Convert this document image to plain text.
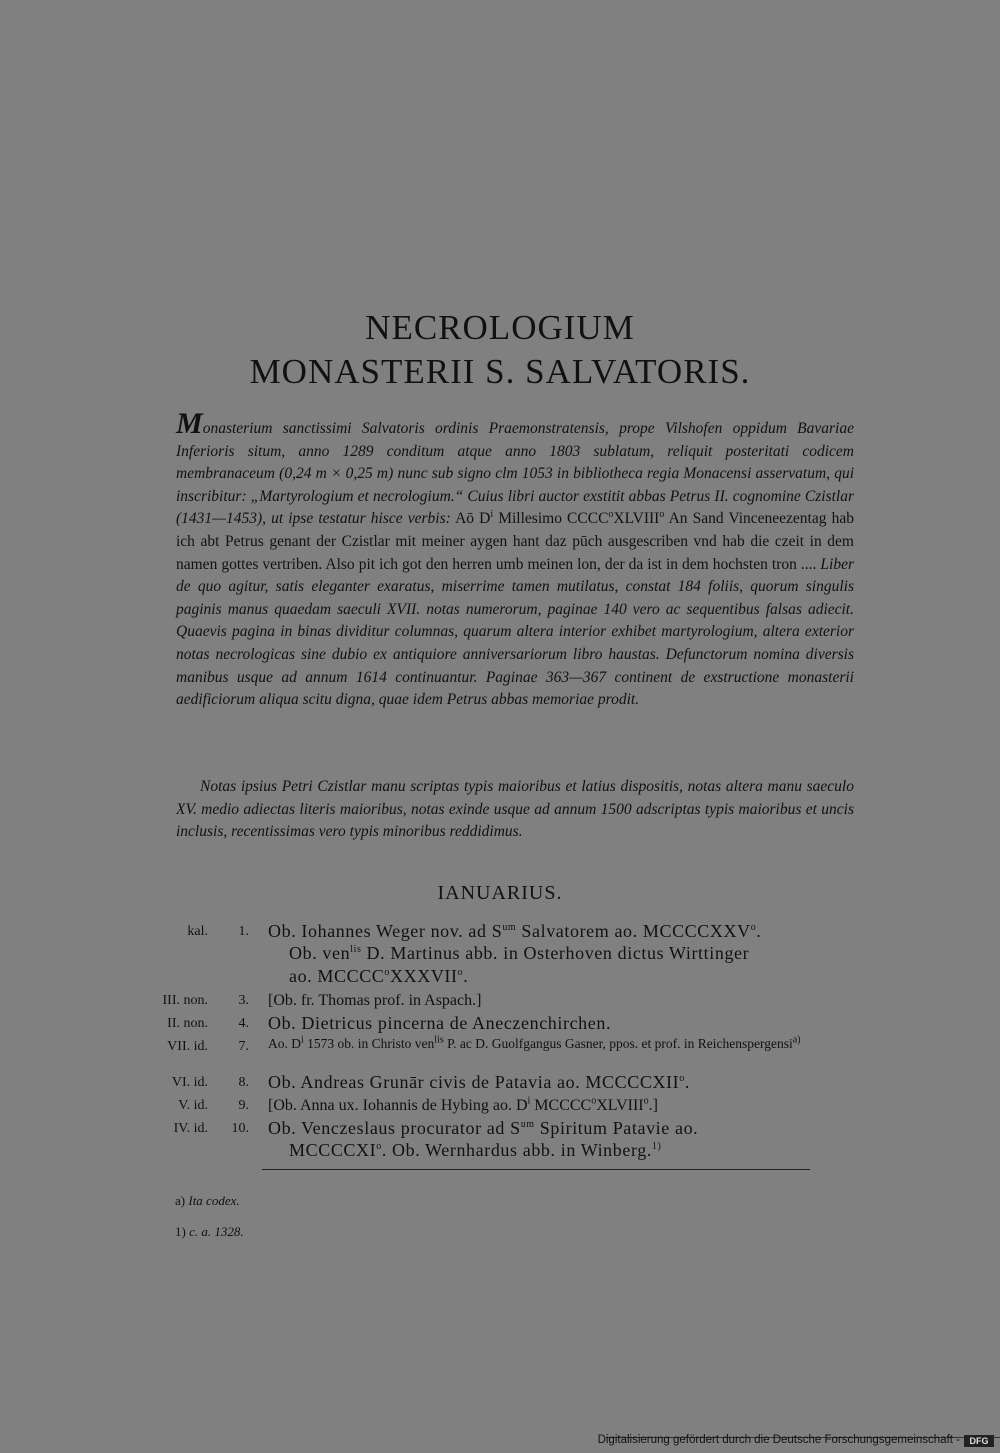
NECROLOGIUM
MONASTERII S. SALVATORIS.
Monasterium sanctissimi Salvatoris ordinis Praemonstratensis, prope Vilshofen oppidum Bavariae Inferioris situm, anno 1289 conditum atque anno 1803 sublatum, reliquit posteritati codicem membranaceum (0,24 m × 0,25 m) nunc sub signo clm 1053 in bibliotheca regia Monacensi asservatum, qui inscribitur: „Martyrologium et necrologium.“ Cuius libri auctor exstitit abbas Petrus II. cognomine Czistlar (1431—1453), ut ipse testatur hisce verbis: Aō $D^i$ Millesimo CCCC$^o$XLVIII$^o$ An Sand Vinceneezentag hab ich abt Petrus genant der Czistlar mit meiner aygen hant daz pūch ausgescriben vnd hab die czeit in dem namen gottes vertriben. Also pit ich got den herren umb meinen lon, der da ist in dem hochsten tron .... Liber de quo agitur, satis eleganter exaratus, miserrime tamen mutilatus, constat 184 foliis, quorum singulis paginis manus quaedam saeculi XVII. notas numerorum, paginae 140 vero ac sequentibus falsas adiecit. Quaevis pagina in binas dividitur columnas, quarum altera interior exhibet martyrologium, altera exterior notas necrologicas sine dubio ex antiquiore anniversariorum libro haustas. Defunctorum nomina diversis manibus usque ad annum 1614 continuantur. Paginae 363—367 continent de exstructione monasterii aedificiorum aliqua scitu digna, quae idem Petrus abbas memoriae prodit.
Notas ipsius Petri Czistlar manu scriptas typis maioribus et latius dispositis, notas altera manu saeculo XV. medio adiectas literis maioribus, notas exinde usque ad annum 1500 adscriptas typis maioribus et uncis inclusis, recentissimas vero typis minoribus reddidimus.
IANUARIUS.
kal.	1. Ob. Iohannes Weger nov. ad $S^{um}$ Salvatorem ao. MCCCCXXV$^o$.
Ob. ven$^{lis}$ D. Martinus abb. in Osterhoven dictus Wirttinger
ao. MCCCC$^o$XXXVII$^o$.
III. non.	3. [Ob. fr. Thomas prof. in Aspach.]
II. non.	4. Ob. Dietricus pincerna de Aneczenchirchen.
VII. id.	7. Ao. $D^i$ 1573 ob. in Christo ven$^{lis}$ P. ac D. Guolfgangus Gasner, ppos. et prof. in Reichenspergensi$^{a)}$
VI. id.	8. Ob. Andreas Grunār civis de Patavia ao. MCCCCXII$^o$.
V. id.	9. [Ob. Anna ux. Iohannis de Hybing ao. $D^i$ MCCCC$^o$XLVIII$^o$.]
IV. id.	10. Ob. Venczeslaus procurator ad $S^{um}$ Spiritum Patavie ao.
MCCCCXI$^o$. Ob. Wernhardus abb. in Winberg.$^{1)}$
a) Ita codex.
1) c. a. 1328.
Digitalisierung gefördert durch die Deutsche Forschungsgemeinschaft -	DFG
